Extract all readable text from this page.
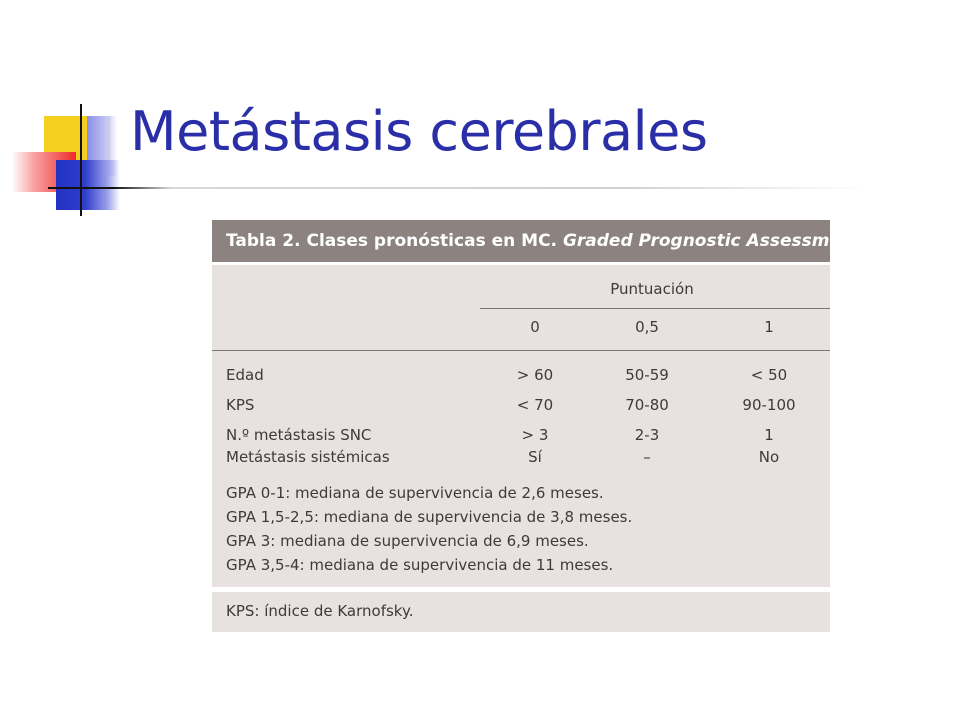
Metástasis cerebrales
Tabla 2. Clases pronósticas en MC. Graded Prognostic Assessment
Puntuación
0	0,5	1
Edad	> 60	50-59	< 50
KPS	< 70	70-80	90-100
N.º metástasis SNC	> 3	2-3	1
Metástasis sistémicas	Sí	–	No
GPA 0-1: mediana de supervivencia de 2,6 meses.
GPA 1,5-2,5: mediana de supervivencia de 3,8 meses.
GPA 3: mediana de supervivencia de 6,9 meses.
GPA 3,5-4: mediana de supervivencia de 11 meses.
KPS: índice de Karnofsky.
